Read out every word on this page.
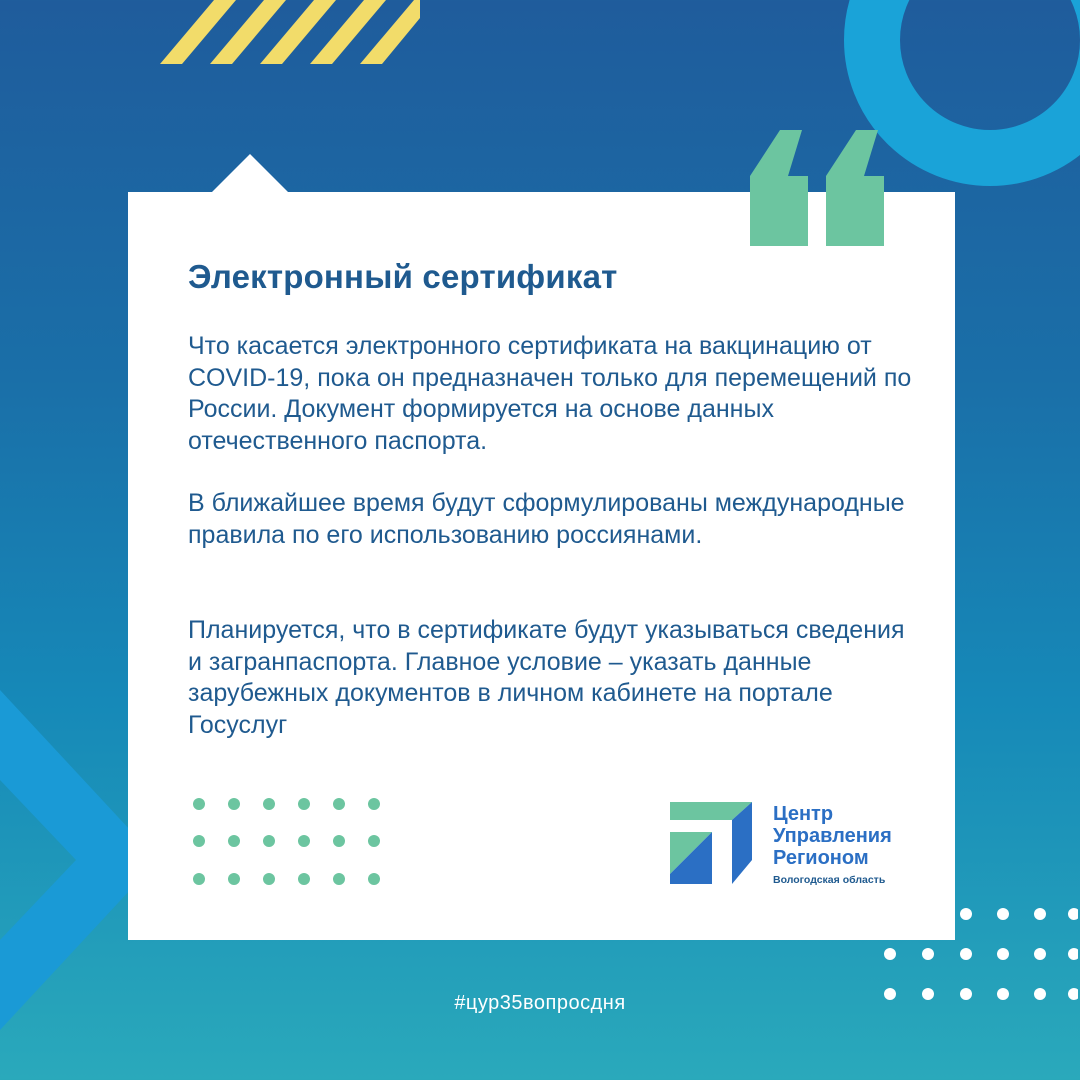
Электронный сертификат

Что касается электронного сертификата на вакцинацию от COVID-19, пока он предназначен только для перемещений по России. Документ формируется на основе данных отечественного паспорта.

В ближайшее время будут сформулированы международные правила по его использованию россиянами.

Планируется, что в сертификате будут указываться сведения и загранпаспорта. Главное условие – указать данные зарубежных документов в личном кабинете на портале Госуслуг

Центр
Управления
Регионом
Вологодская область
#цур35вопросдня
